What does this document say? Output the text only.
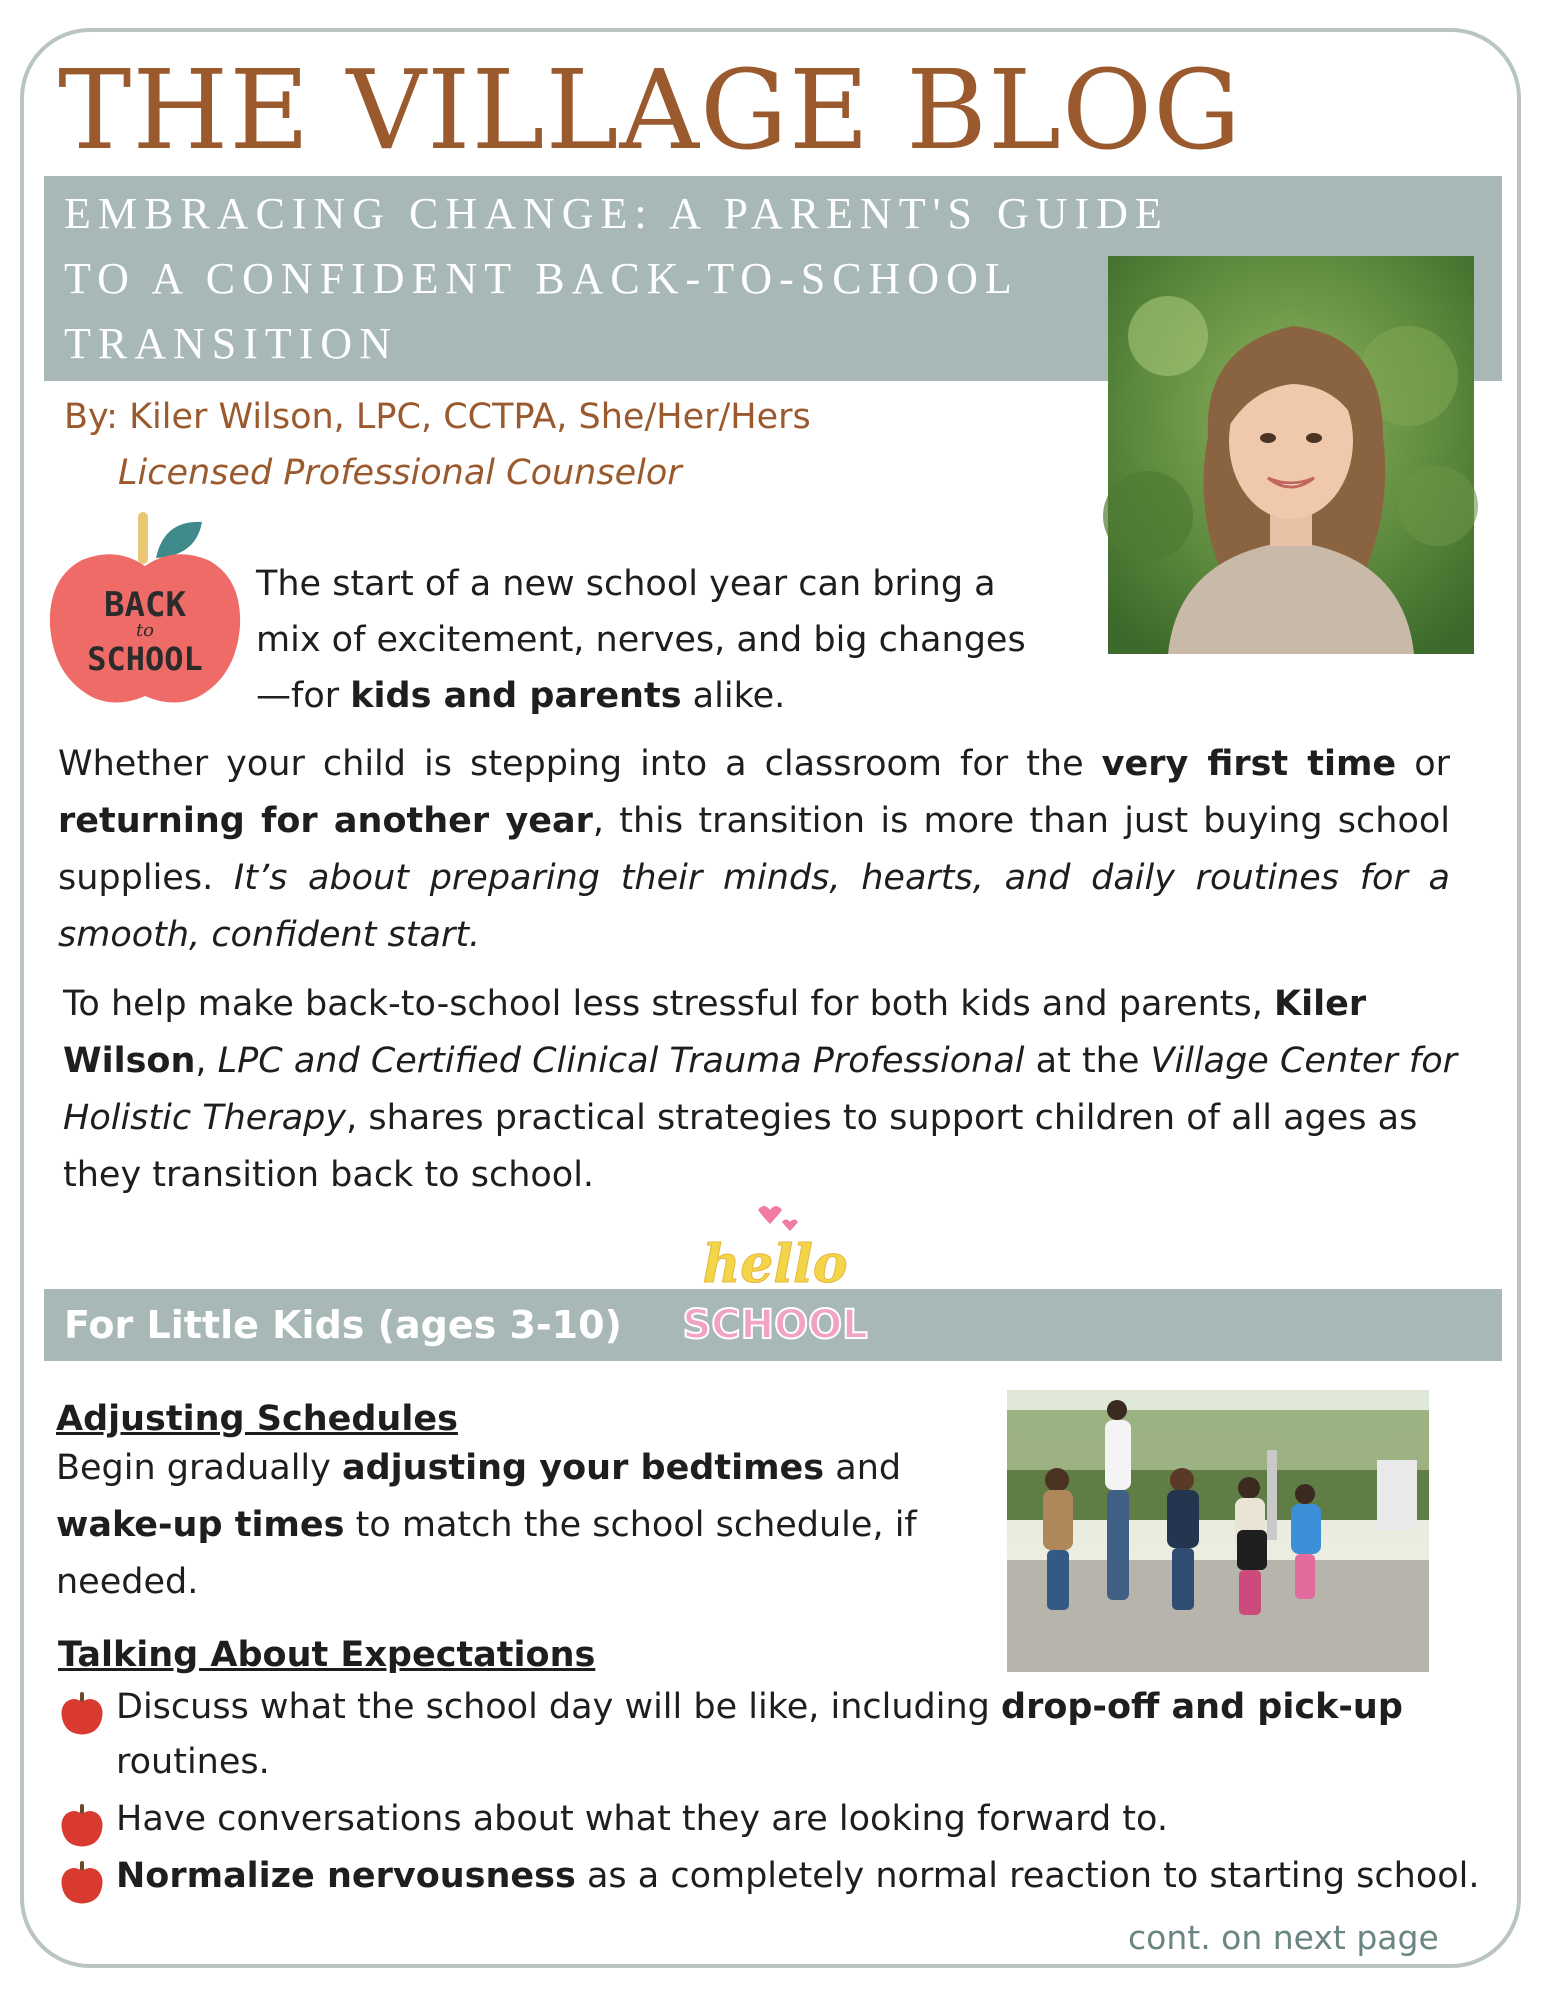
THE VILLAGE BLOG
EMBRACING CHANGE: A PARENT'S GUIDE TO A CONFIDENT BACK-TO-SCHOOL TRANSITION
By: Kiler Wilson, LPC, CCTPA, She/Her/Hers
Licensed Professional Counselor
BACK
to
SCHOOL

The start of a new school year can bring a mix of excitement, nerves, and big changes—for kids and parents alike.

Whether your child is stepping into a classroom for the very first time or returning for another year, this transition is more than just buying school supplies. It’s about preparing their minds, hearts, and daily routines for a smooth, confident start.

To help make back-to-school less stressful for both kids and parents, Kiler Wilson, LPC and Certified Clinical Trauma Professional at the Village Center for Holistic Therapy, shares practical strategies to support children of all ages as they transition back to school.

For Little Kids (ages 3-10)
hello
SCHOOL
Adjusting Schedules

Begin gradually adjusting your bedtimes and wake-up times to match the school schedule, if needed.

Talking About Expectations
Discuss what the school day will be like, including drop-off and pick-up routines.
Have conversations about what they are looking forward to.
Normalize nervousness as a completely normal reaction to starting school.
cont. on next page
